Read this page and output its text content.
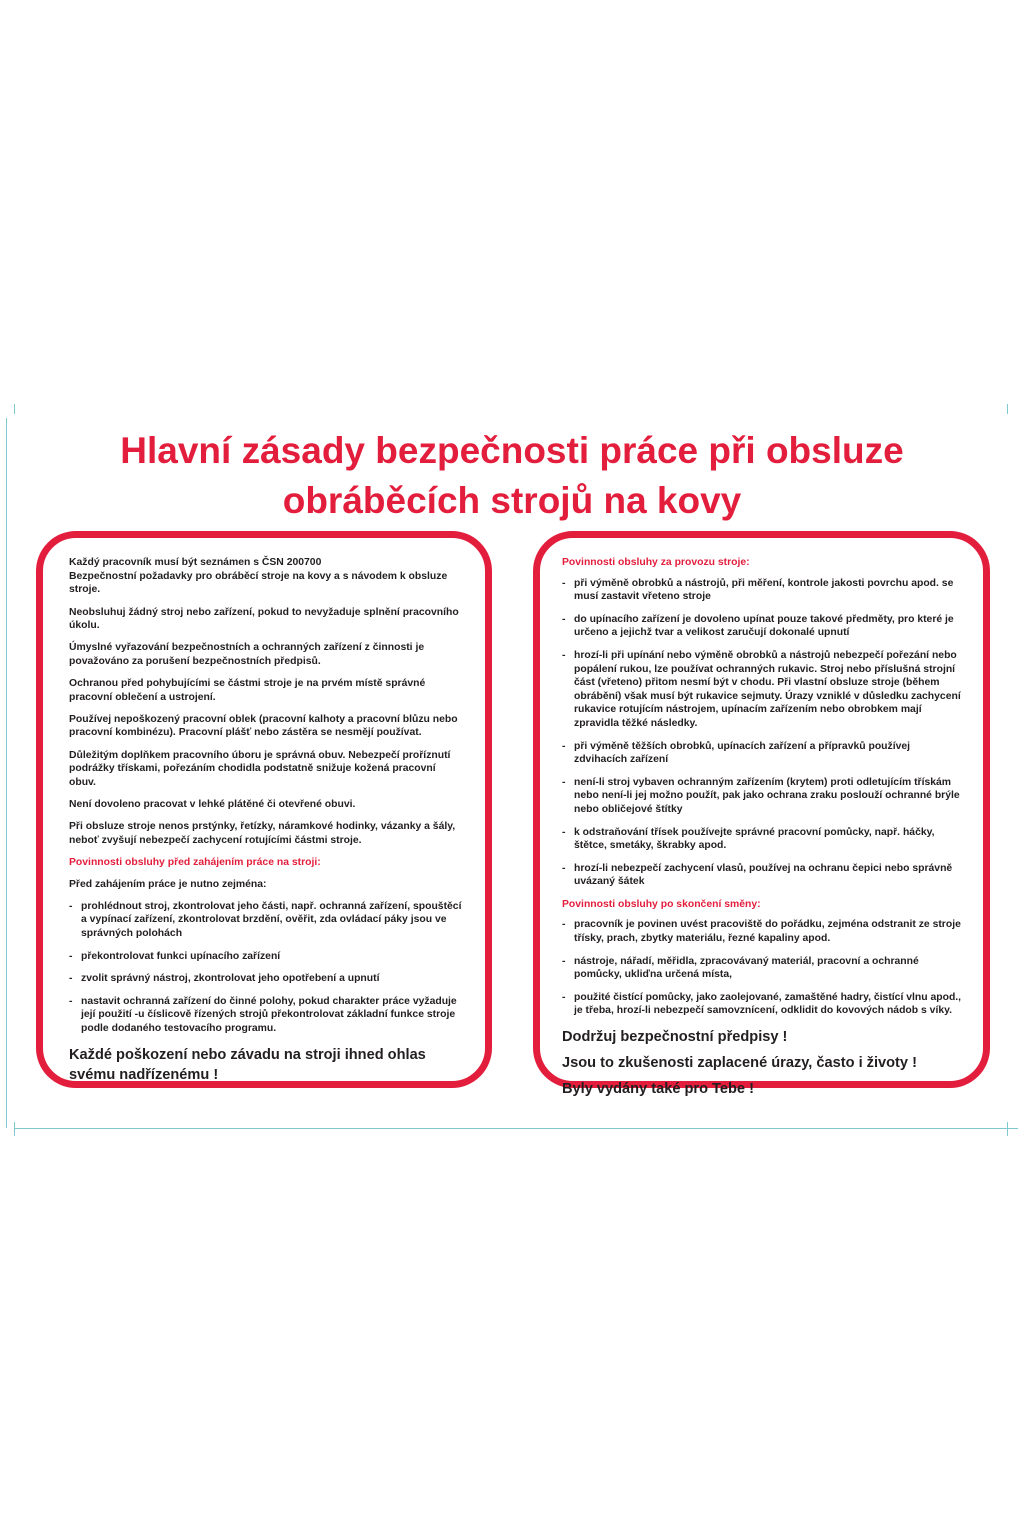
Hlavní zásady bezpečnosti práce při obsluze
obráběcích strojů na kovy

Každý pracovník musí být seznámen s ČSN 200700
Bezpečnostní požadavky pro obráběcí stroje na kovy a s návodem k obsluze stroje.

Neobsluhuj žádný stroj nebo zařízení, pokud to nevyžaduje splnění pracovního úkolu.

Úmyslné vyřazování bezpečnostních a ochranných zařízení z činnosti je považováno za porušení bezpečnostních předpisů.

Ochranou před pohybujícími se částmi stroje je na prvém místě správné pracovní oblečení a ustrojení.

Používej nepoškozený pracovní oblek (pracovní kalhoty a pracovní blůzu nebo pracovní kombinézu). Pracovní plášť nebo zástěra se nesmějí používat.

Důležitým doplňkem pracovního úboru je správná obuv. Nebezpečí proříznutí podrážky třískami, pořezáním chodidla podstatně snižuje kožená pracovní obuv.

Není dovoleno pracovat v lehké plátěné či otevřené obuvi.

Při obsluze stroje nenos prstýnky, řetízky, náramkové hodinky, vázanky a šály, neboť zvyšují nebezpečí zachycení rotujícími částmi stroje.

Povinnosti obsluhy před zahájením práce na stroji:

Před zahájením práce je nutno zejména:

- prohlédnout stroj, zkontrolovat jeho části, např. ochranná zařízení, spouštěcí a vypínací zařízení, zkontrolovat brzdění, ověřit, zda ovládací páky jsou ve správných polohách
- překontrolovat funkci upínacího zařízení
- zvolit správný nástroj, zkontrolovat jeho opotřebení a upnutí
- nastavit ochranná zařízení do činné polohy, pokud charakter práce vyžaduje její použití -u číslicově řízených strojů překontrolovat základní funkce stroje podle dodaného testovacího programu.

Každé poškození nebo závadu na stroji ihned ohlas svému nadřízenému !

Povinnosti obsluhy za provozu stroje:

- při výměně obrobků a nástrojů, při měření, kontrole jakosti povrchu apod. se musí zastavit vřeteno stroje
- do upínacího zařízení je dovoleno upínat pouze takové předměty, pro které je určeno a jejichž tvar a velikost zaručují dokonalé upnutí
- hrozí-li při upínání nebo výměně obrobků a nástrojů nebezpečí pořezání nebo popálení rukou, lze používat ochranných rukavic. Stroj nebo příslušná strojní část (vřeteno) přitom nesmí být v chodu. Při vlastní obsluze stroje (během obrábění) však musí být rukavice sejmuty. Úrazy vzniklé v důsledku zachycení rukavice rotujícím nástrojem, upínacím zařízením nebo obrobkem mají zpravidla těžké následky.
- při výměně těžších obrobků, upínacích zařízení a přípravků používej zdvihacích zařízení
- není-li stroj vybaven ochranným zařízením (krytem) proti odletujícím třískám nebo není-li jej možno použít, pak jako ochrana zraku poslouží ochranné brýle nebo obličejové štítky
- k odstraňování třísek používejte správné pracovní pomůcky, např. háčky, štětce, smetáky, škrabky apod.
- hrozí-li nebezpečí zachycení vlasů, používej na ochranu čepici nebo správně uvázaný šátek

Povinnosti obsluhy po skončení směny:

- pracovník je povinen uvést pracoviště do pořádku, zejména odstranit ze stroje třísky, prach, zbytky materiálu, řezné kapaliny apod.
- nástroje, nářadí, měřidla, zpracovávaný materiál, pracovní a ochranné pomůcky, ukliďna určená místa,
- použité čistící pomůcky, jako zaolejované, zamaštěné hadry, čistící vlnu apod., je třeba, hrozí-li nebezpečí samovznícení, odklidit do kovových nádob s víky.

Dodržuj bezpečnostní předpisy !

Jsou to zkušenosti zaplacené úrazy, často i životy !

Byly vydány také pro Tebe !
